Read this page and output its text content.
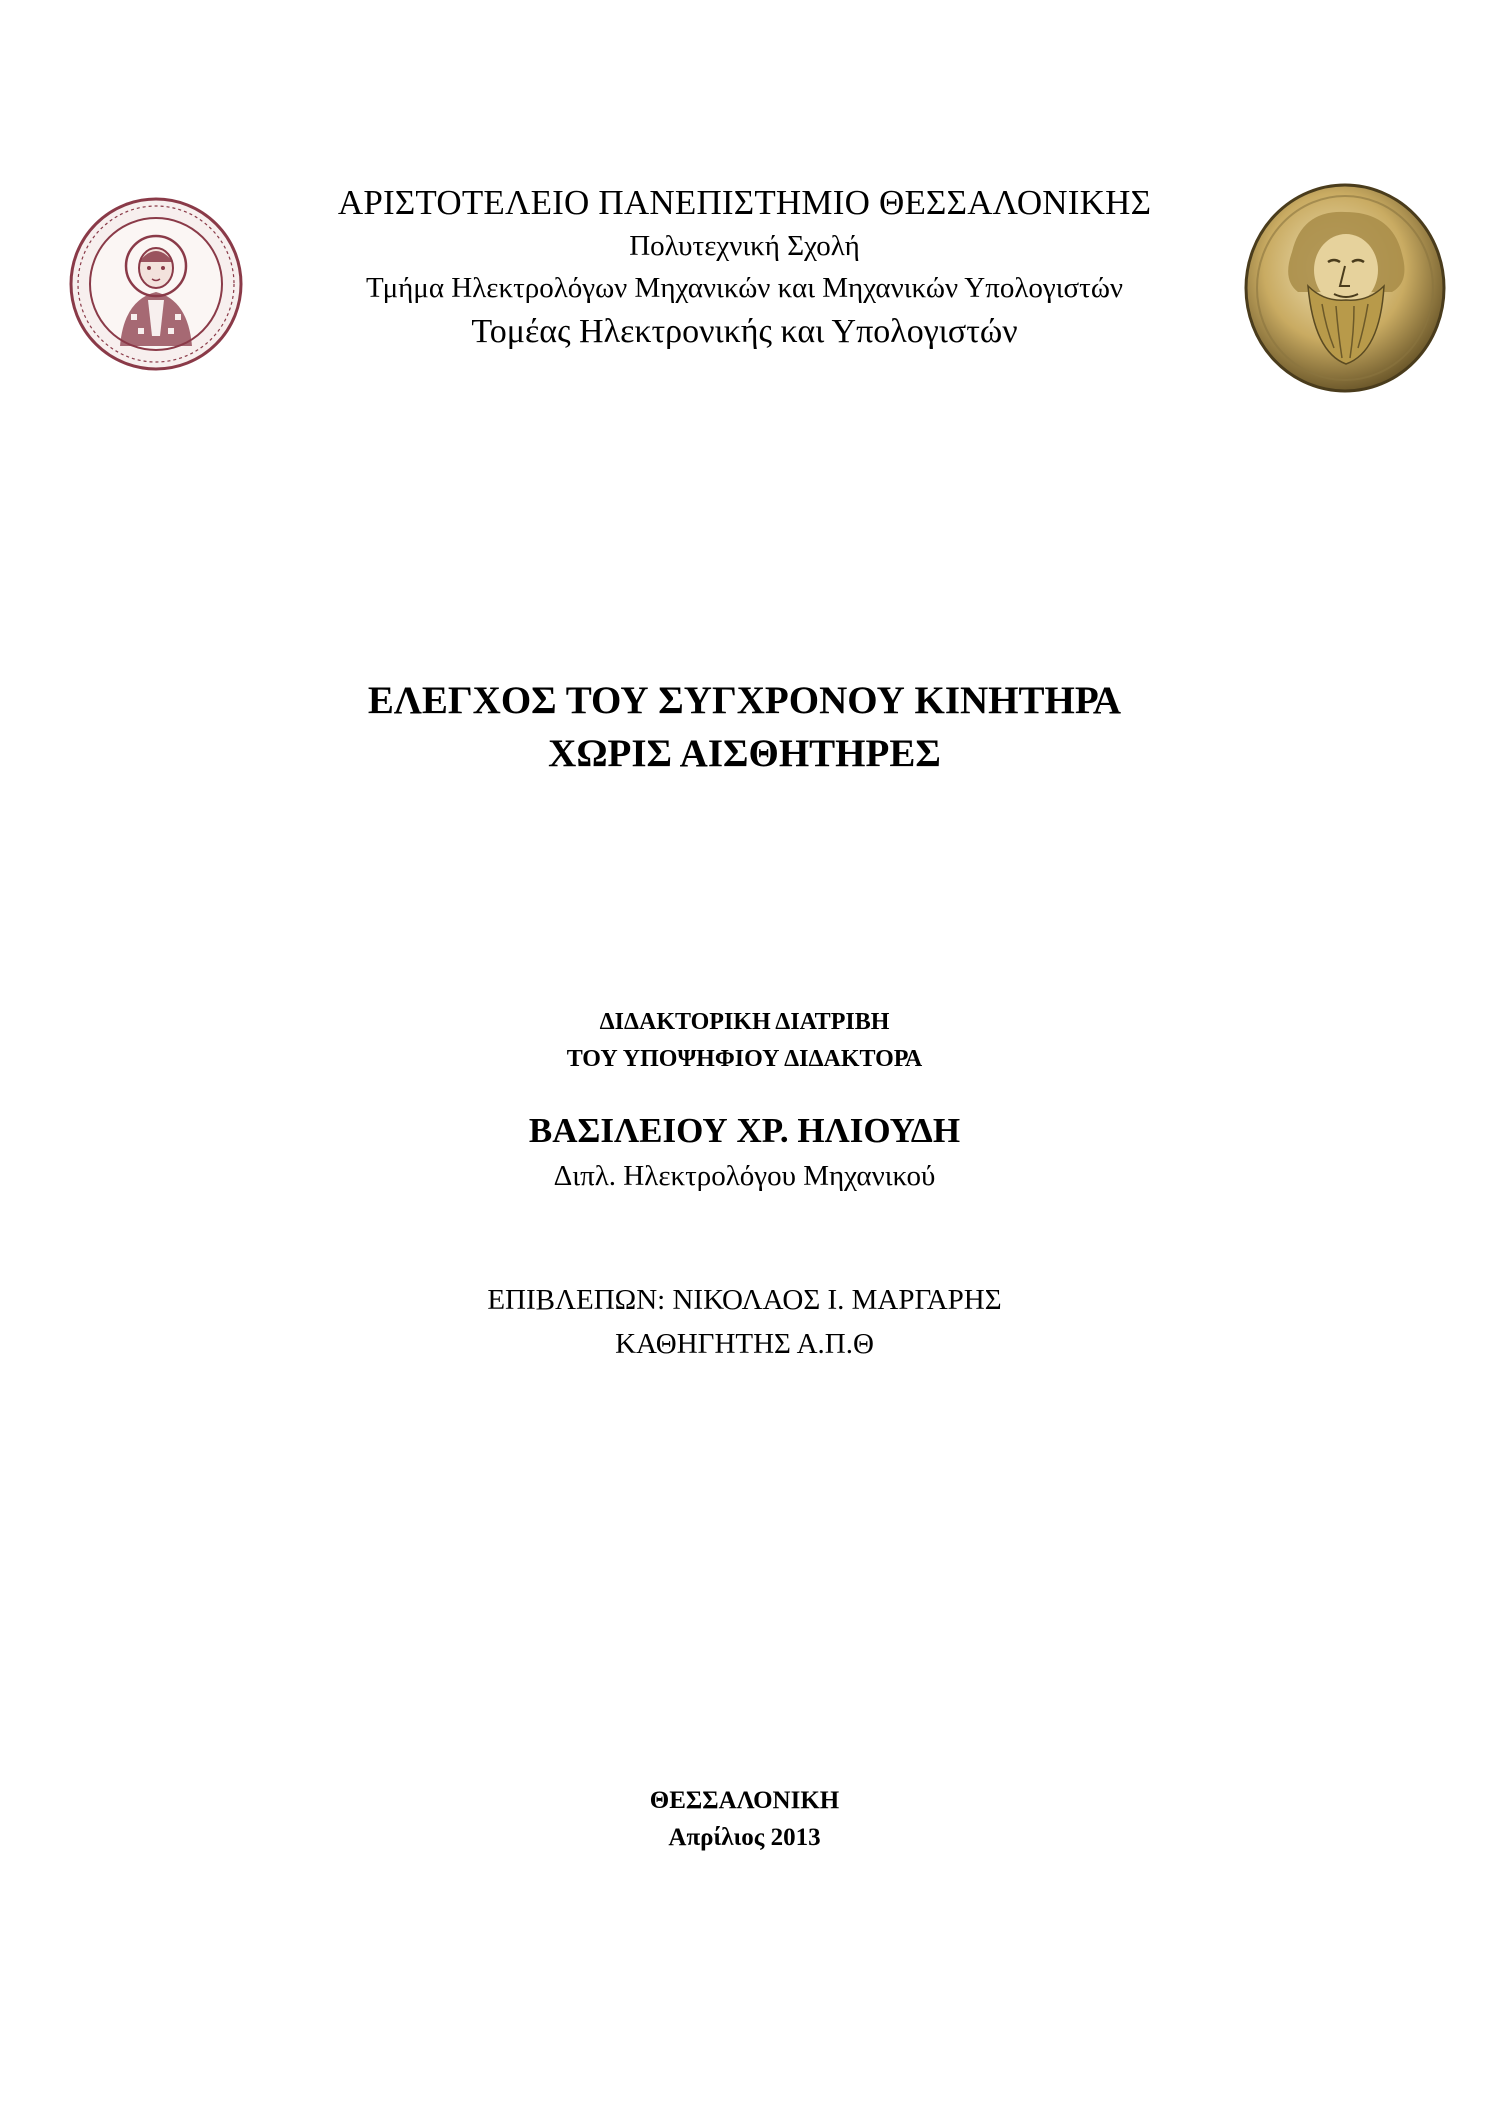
ΑΡΙΣΤΟΤΕΛΕΙΟ ΠΑΝΕΠΙΣΤΗΜΙΟ ΘΕΣΣΑΛΟΝΙΚΗΣ
Πολυτεχνική Σχολή
Τμήμα Ηλεκτρολόγων Μηχανικών και Μηχανικών Υπολογιστών
Τομέας Ηλεκτρονικής και Υπολογιστών
ΕΛΕΓΧΟΣ ΤΟΥ ΣΥΓΧΡΟΝΟΥ ΚΙΝΗΤΗΡΑ
ΧΩΡΙΣ ΑΙΣΘΗΤΗΡΕΣ
ΔΙΔΑΚΤΟΡΙΚΗ ΔΙΑΤΡΙΒΗ
ΤΟΥ ΥΠΟΨΗΦΙΟΥ ΔΙΔΑΚΤΟΡΑ
ΒΑΣΙΛΕΙΟΥ ΧΡ. ΗΛΙΟΥΔΗ
Διπλ. Ηλεκτρολόγου Μηχανικού
ΕΠΙΒΛΕΠΩΝ: ΝΙΚΟΛΑΟΣ Ι. ΜΑΡΓΑΡΗΣ
ΚΑΘΗΓΗΤΗΣ Α.Π.Θ
ΘΕΣΣΑΛΟΝΙΚΗ
Απρίλιος 2013
